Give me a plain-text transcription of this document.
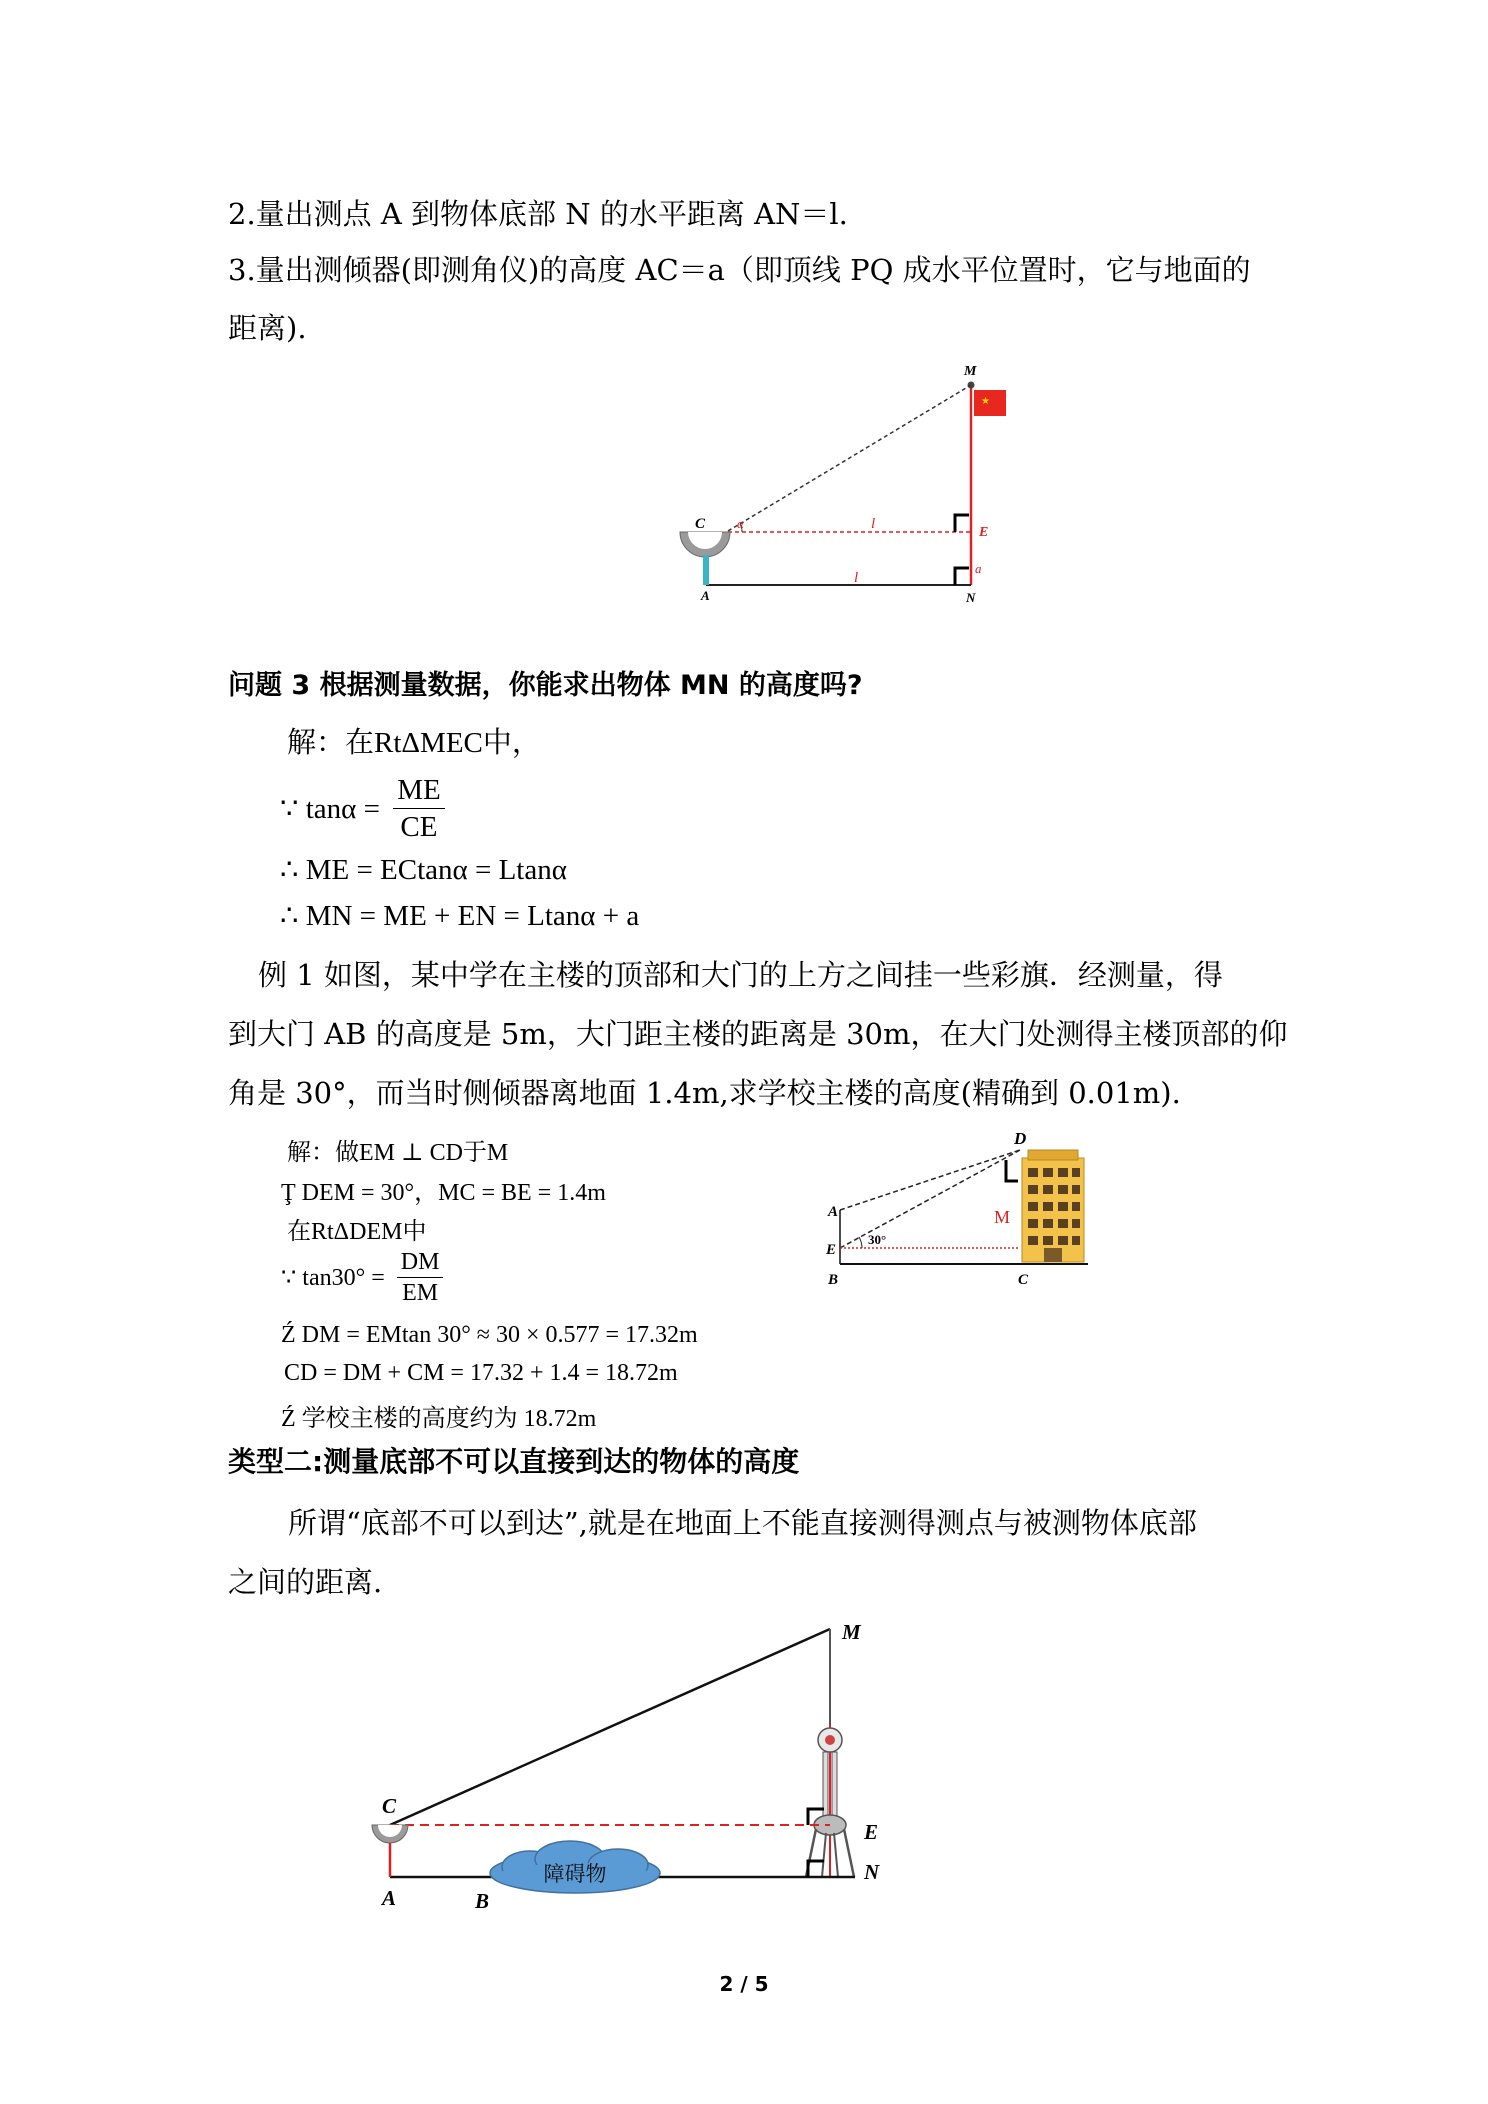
2.量出测点 A 到物体底部 N 的水平距离 AN＝l.
3.量出测倾器(即测角仪)的高度 AC＝a（即顶线 PQ 成水平位置时，它与地面的
距离).
★
M
C α	l
E
a
A
l
N
问题 3 根据测量数据，你能求出物体 MN 的高度吗?
解：在RtΔMEC中，
∵ $\tan\alpha = \frac{ME}{CE}$
∴ ME = ECtanα = Ltanα
∴ MN = ME + EN = Ltanα + a
例 1 如图，某中学在主楼的顶部和大门的上方之间挂一些彩旗．经测量，得
到大门 AB 的高度是 5m，大门距主楼的距离是 30m，在大门处测得主楼顶部的仰
角是 30°，而当时侧倾器离地面 1.4m,求学校主楼的高度(精确到 0.01m).
解：做EM ⊥ CD于M
Ţ DEM = 30°，MC = BE = 1.4m
在RtΔDEM中
∵ $\tan 30^\circ = \frac{DM}{EM}$
Ź DM = EMtan 30° ≈ 30 × 0.577 = 17.32m
CD = DM + CM = 17.32 + 1.4 = 18.72m
Ź 学校主楼的高度约为 18.72m
D
M
A
E
30°
B	C
类型二:测量底部不可以直接到达的物体的高度
所谓“底部不可以到达”,就是在地面上不能直接测得测点与被测物体底部
之间的距离.
障碍物
M
C
E
N
A	B
2 / 5
